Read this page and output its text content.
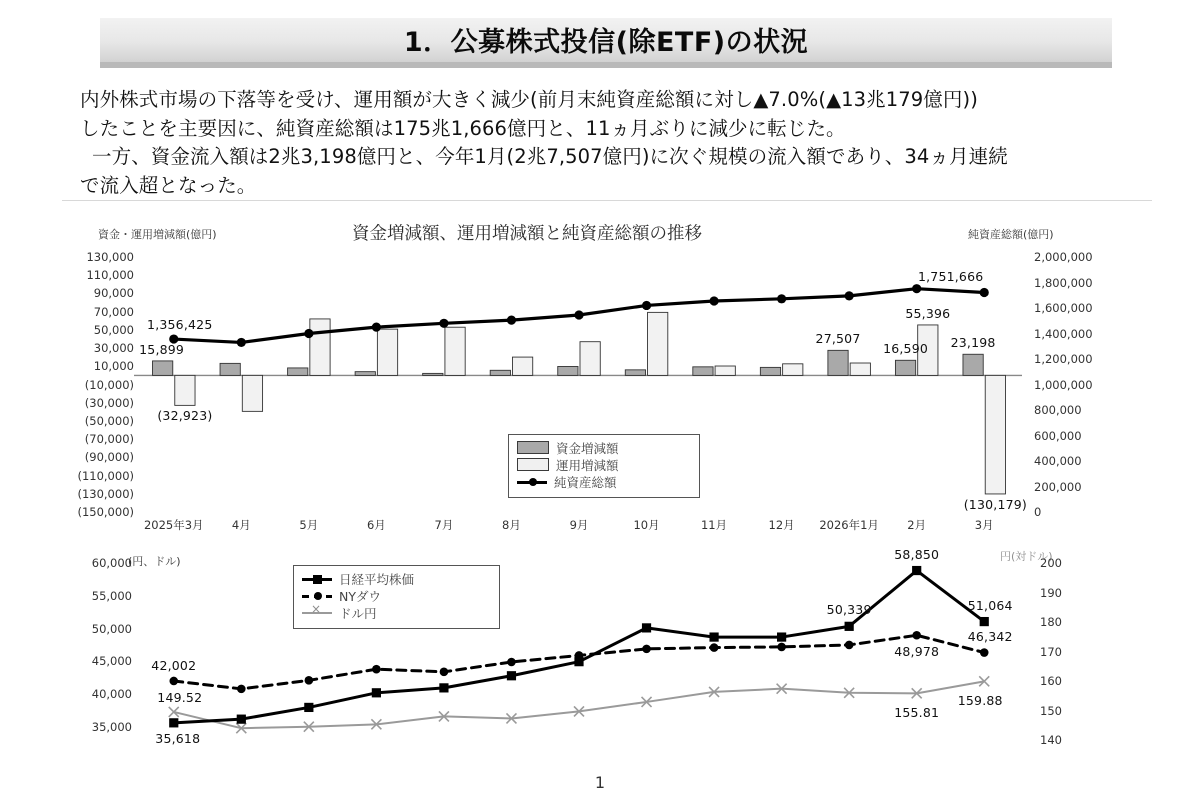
1．公募株式投信(除ETF)の状況

内外株式市場の下落等を受け、運用額が大きく減少(前月末純資産総額に対し▲7.0%(▲13兆179億円))

したことを主要因に、純資産総額は175兆1,666億円と、11ヵ月ぶりに減少に転じた。

一方、資金流入額は2兆3,198億円と、今年1月(2兆7,507億円)に次ぐ規模の流入額であり、34ヵ月連続

で流入超となった。

資金増減額、運用増減額と純資産総額の推移
資金・運用増減額(億円)	純資産総額(億円)
130,000
110,000
90,000
70,000
50,000
30,000
10,000
(10,000)
(30,000)
(50,000)
(70,000)
(90,000)
(110,000)
(130,000)
(150,000)
2,000,000
1,800,000
1,600,000
1,400,000
1,200,000
1,000,000
800,000
600,000
400,000
200,000
0
2025年3月 4月	5月	6月	7月	8月	9月	10月	11月	12月 2026年1月 2月	3月
15,899
(32,923)
1,356,425
27,507
16,590
55,396
23,198
(130,179)
1,751,666
資金増減額
運用増減額
純資産総額
(円、ドル)	円(対ドル)
60,000
55,000
50,000
45,000
40,000
35,000
200
190
180
170
160
150
140
35,618
50,339
58,850
51,064
42,002
48,978
46,342
149.52
155.81
159.88
日経平均株価
NYダウ
×
ドル円
1
